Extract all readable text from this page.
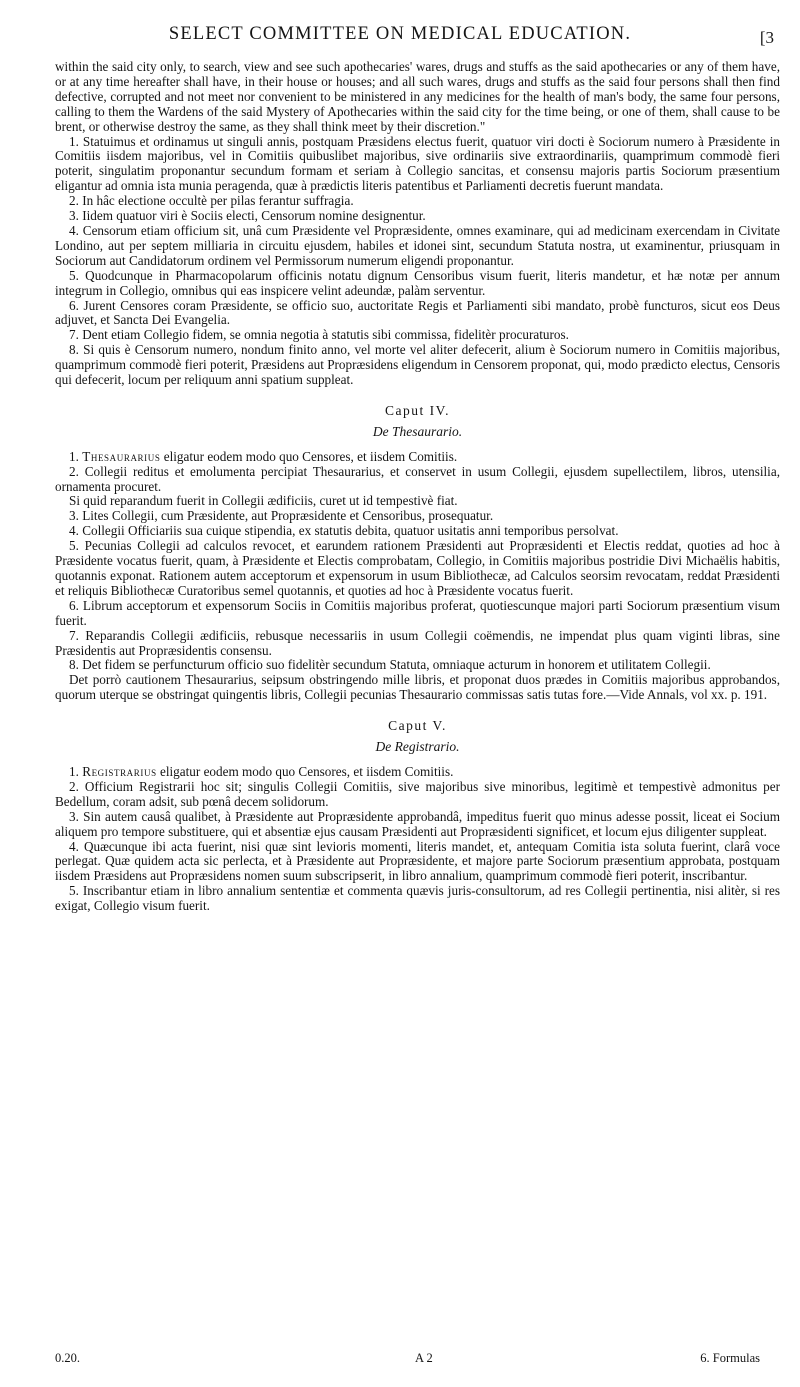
SELECT COMMITTEE ON MEDICAL EDUCATION.	[3

within the said city only, to search, view and see such apothecaries' wares, drugs and stuffs as the said apothecaries or any of them have, or at any time hereafter shall have, in their house or houses; and all such wares, drugs and stuffs as the said four persons shall then find defective, corrupted and not meet nor convenient to be ministered in any medicines for the health of man's body, the same four persons, calling to them the Wardens of the said Mystery of Apothecaries within the said city for the time being, or one of them, shall cause to be brent, or otherwise destroy the same, as they shall think meet by their discretion."

1. Statuimus et ordinamus ut singuli annis, postquam Præsidens electus fuerit, quatuor viri docti è Sociorum numero à Præsidente in Comitiis iisdem majoribus, vel in Comitiis quibuslibet majoribus, sive ordinariis sive extraordinariis, quamprimum commodè fieri poterit, singulatim proponantur secundum formam et seriam à Collegio sancitas, et consensu majoris partis Sociorum præsentium eligantur ad omnia ista munia peragenda, quæ à prædictis literis patentibus et Parliamenti decretis fuerunt mandata.

2. In hâc electione occultè per pilas ferantur suffragia.

3. Iidem quatuor viri è Sociis electi, Censorum nomine designentur.

4. Censorum etiam officium sit, unâ cum Præsidente vel Propræsidente, omnes examinare, qui ad medicinam exercendam in Civitate Londino, aut per septem milliaria in circuitu ejusdem, habiles et idonei sint, secundum Statuta nostra, ut examinentur, priusquam in Sociorum aut Candidatorum ordinem vel Permissorum numerum eligendi proponantur.

5. Quodcunque in Pharmacopolarum officinis notatu dignum Censoribus visum fuerit, literis mandetur, et hæ notæ per annum integrum in Collegio, omnibus qui eas inspicere velint adeundæ, palàm serventur.

6. Jurent Censores coram Præsidente, se officio suo, auctoritate Regis et Parliamenti sibi mandato, probè functuros, sicut eos Deus adjuvet, et Sancta Dei Evangelia.

7. Dent etiam Collegio fidem, se omnia negotia à statutis sibi commissa, fidelitèr procuraturos.

8. Si quis è Censorum numero, nondum finito anno, vel morte vel aliter defecerit, alium è Sociorum numero in Comitiis majoribus, quamprimum commodè fieri poterit, Præsidens aut Propræsidens eligendum in Censorem proponat, qui, modo prædicto electus, Censoris qui defecerit, locum per reliquum anni spatium suppleat.

Caput IV.
De Thesaurario.

1. Thesaurarius eligatur eodem modo quo Censores, et iisdem Comitiis.

2. Collegii reditus et emolumenta percipiat Thesaurarius, et conservet in usum Collegii, ejusdem supellectilem, libros, utensilia, ornamenta procuret.

Si quid reparandum fuerit in Collegii ædificiis, curet ut id tempestivè fiat.

3. Lites Collegii, cum Præsidente, aut Propræsidente et Censoribus, prosequatur.

4. Collegii Officiariis sua cuique stipendia, ex statutis debita, quatuor usitatis anni temporibus persolvat.

5. Pecunias Collegii ad calculos revocet, et earundem rationem Præsidenti aut Propræsidenti et Electis reddat, quoties ad hoc à Præsidente vocatus fuerit, quam, à Præsidente et Electis comprobatam, Collegio, in Comitiis majoribus postridie Divi Michaëlis habitis, quotannis exponat. Rationem autem acceptorum et expensorum in usum Bibliothecæ, ad Calculos seorsim revocatam, reddat Præsidenti et reliquis Bibliothecæ Curatoribus semel quotannis, et quoties ad hoc à Præsidente vocatus fuerit.

6. Librum acceptorum et expensorum Sociis in Comitiis majoribus proferat, quotiescunque majori parti Sociorum præsentium visum fuerit.

7. Reparandis Collegii ædificiis, rebusque necessariis in usum Collegii coëmendis, ne impendat plus quam viginti libras, sine Præsidentis aut Propræsidentis consensu.

8. Det fidem se perfuncturum officio suo fidelitèr secundum Statuta, omniaque acturum in honorem et utilitatem Collegii.

Det porrò cautionem Thesaurarius, seipsum obstringendo mille libris, et proponat duos prædes in Comitiis majoribus approbandos, quorum uterque se obstringat quingentis libris, Collegii pecunias Thesaurario commissas satis tutas fore.—Vide Annals, vol xx. p. 191.

Caput V.
De Registrario.

1. Registrarius eligatur eodem modo quo Censores, et iisdem Comitiis.

2. Officium Registrarii hoc sit; singulis Collegii Comitiis, sive majoribus sive minoribus, legitimè et tempestivè admonitus per Bedellum, coram adsit, sub pœnâ decem solidorum.

3. Sin autem causâ qualibet, à Præsidente aut Propræsidente approbandâ, impeditus fuerit quo minus adesse possit, liceat ei Socium aliquem pro tempore substituere, qui et absentiæ ejus causam Præsidenti aut Propræsidenti significet, et locum ejus diligenter suppleat.

4. Quæcunque ibi acta fuerint, nisi quæ sint levioris momenti, literis mandet, et, antequam Comitia ista soluta fuerint, clarâ voce perlegat. Quæ quidem acta sic perlecta, et à Præsidente aut Propræsidente, et majore parte Sociorum præsentium approbata, postquam iisdem Præsidens aut Propræsidens nomen suum subscripserit, in libro annalium, quamprimum commodè fieri poterit, inscribantur.

5. Inscribantur etiam in libro annalium sententiæ et commenta quævis juris-consultorum, ad res Collegii pertinentia, nisi alitèr, si res exigat, Collegio visum fuerit.

0.20.	A 2	6. Formulas
